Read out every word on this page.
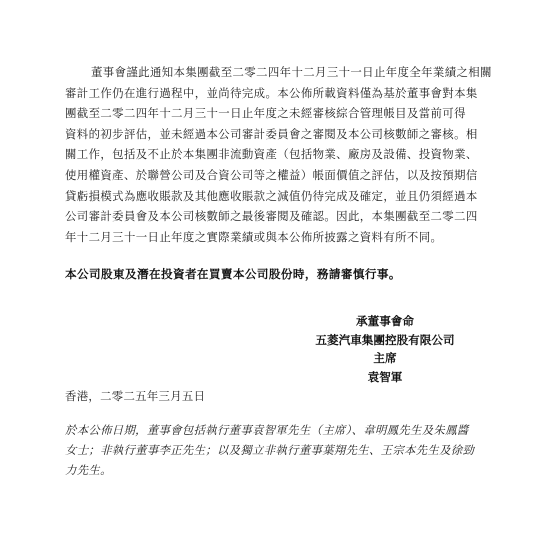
董事會謹此通知本集團截至二零二四年十二月三十一日止年度全年業績之相關
審計工作仍在進行過程中，並尚待完成。本公佈所載資料僅為基於董事會對本集
團截至二零二四年十二月三十一日止年度之未經審核綜合管理帳目及當前可得
資料的初步評估，並未經過本公司審計委員會之審閱及本公司核數師之審核。相
關工作，包括及不止於本集團非流動資產（包括物業、廠房及設備、投資物業、
使用權資產、於聯營公司及合資公司等之權益）帳面價值之評估，以及按預期信
貸虧損模式為應收賬款及其他應收賬款之減值仍待完成及確定，並且仍須經過本
公司審計委員會及本公司核數師之最後審閱及確認。因此，本集團截至二零二四
年十二月三十一日止年度之實際業績或與本公佈所披露之資料有所不同。
本公司股東及潛在投資者在買賣本公司股份時，務請審慎行事。
承董事會命
五菱汽車集團控股有限公司
主席
袁智軍
香港，二零二五年三月五日
於本公佈日期，董事會包括執行董事袁智軍先生（主席）、韋明鳳先生及朱鳳醬
女士；非執行董事李正先生；以及獨立非執行董事葉翔先生、王宗本先生及徐勁
力先生。
